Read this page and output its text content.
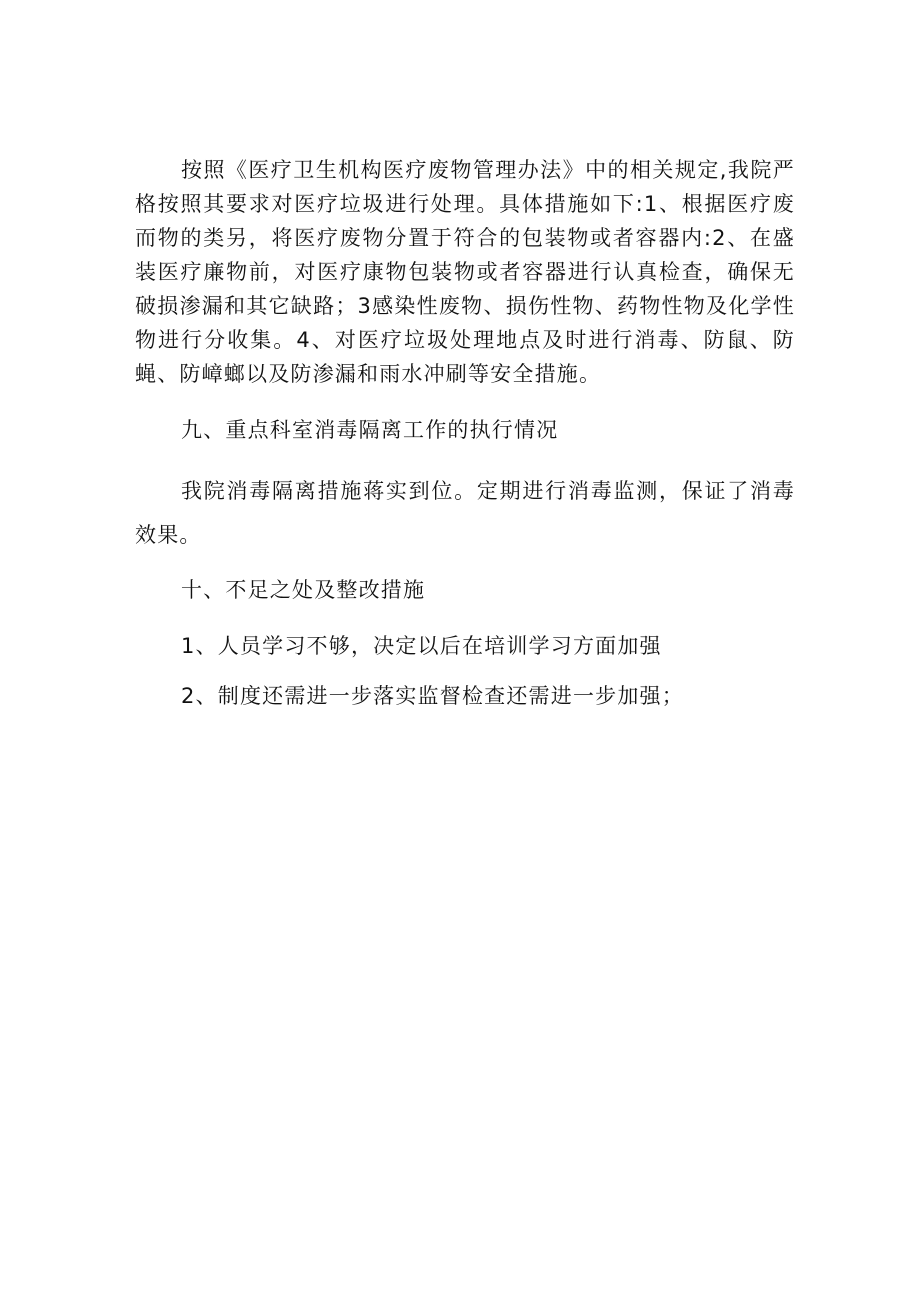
按照《医疗卫生机构医疗废物管理办法》中的相关规定,我院严格按照其要求对医疗垃圾进行处理。具体措施如下:1、根据医疗废而物的类另，将医疗废物分置于符合的包装物或者容器内:2、在盛装医疗廉物前，对医疗康物包装物或者容器进行认真检查，确保无破损渗漏和其它缺路；3感染性废物、损伤性物、药物性物及化学性物进行分收集。4、对医疗垃圾处理地点及时进行消毒、防鼠、防蝇、防嶂螂以及防渗漏和雨水冲刷等安全措施。

九、重点科室消毒隔离工作的执行情况

我院消毒隔离措施蒋实到位。定期进行消毒监测，保证了消毒效果。

十、不足之处及整改措施

1、人员学习不够，决定以后在培训学习方面加强

2、制度还需进一步落实监督检查还需进一步加强；
